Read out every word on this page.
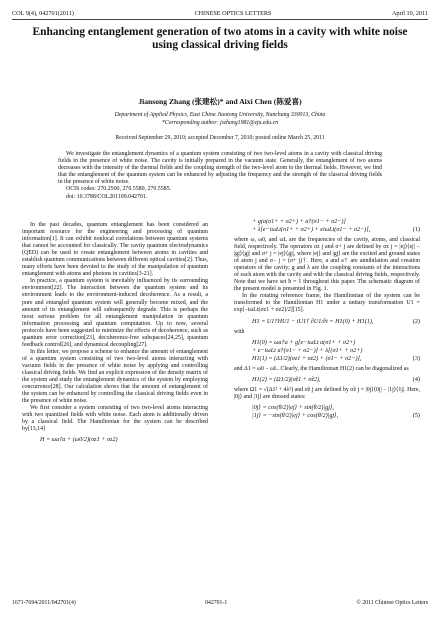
COL 9(4), 042701(2011)	CHINESE OPTICS LETTERS	April 10, 2011
Enhancing entanglement generation of two atoms in a cavity with white noise using classical driving fields
Jiansong Zhang (张建松)* and Aixi Chen (陈爱喜)
Department of Applied Physics, East China Jiaotong University, Nanchang 330013, China
*Corresponding author: jszhang1981@zju.edu.cn
Received September 29, 2010; accepted December 7, 2010; posted online March 25, 2011
We investigate the entanglement dynamics of a quantum system consisting of two two-level atoms in a cavity with classical driving fields in the presence of white noise. The cavity is initially prepared in the vacuum state. Generally, the entanglement of two atoms decreases with the intensity of the thermal fields and the coupling strength of the two-level atom to the thermal fields. However, we find that the entanglement of the quantum system can be enhanced by adjusting the frequency and the strength of the classical driving fields in the presence of white noise.
OCIS codes: 270.2500, 270.5580, 270.5585.
doi: 10.3788/COL201109.042701.

In the past decades, quantum entanglement has been considered an important resource for the engineering and processing of quantum information[1]. It can exhibit nonlocal correlations between quantum systems that cannot be accounted for classically. The cavity quantum electrodynamics (QED) can be used to create entanglement between atoms in cavities and establish quantum communications between different optical cavities[2]. Thus, many efforts have been devoted to the study of the manipulation of quantum entanglement with atoms and photons in cavities[3-21].

In practice, a quantum system is inevitably influenced by its surrounding environment[22]. The interaction between the quantum system and its environment leads to the environment-induced decoherence. As a result, a pure and entangled quantum system will generally become mixed, and the amount of its entanglement will subsequently degrade. This is perhaps the most serious problem for all entanglement manipulation in quantum information processing and quantum computation. Up to now, several protocols have been suggested to minimize the effects of decoherence, such as quantum error correction[23], decoherence-free subspaces[24,25], quantum feedback control[26], and dynamical decoupling[27].

In this letter, we propose a scheme to enhance the amount of entanglement of a quantum system consisting of two two-level atoms interacting with vacuum fields in the presence of white noise by applying and controlling classical driving fields. We find an explicit expression of the density matrix of the system and study the entanglement dynamics of the system by employing concurrence[28]. Our calculation shows that the amount of entanglement of the system can be enhanced by controlling the classical driving fields even in the presence of white noise.

We first consider a system consisting of two two-level atoms interacting with two quantized fields with white noise. Each atom is additionally driven by a classical field. The Hamiltonian for the system can be described by[13,14]

H = ωa†a + (ω0/2)(σz1 + σz2)
+ g(a(σ1+ + σ2+) + a†(σ1− + σ2−)]
+ λ[e−iωLt(σ1+ + σ2+) + eiωLt(σ1− + σ2−)],	(1)

where ω, ω0, and ωL are the frequencies of the cavity, atoms, and classical field, respectively. The operators σz j and σ+ j are defined by σz j = |ej⟩⟨ej| − |gj⟩⟨gj| and σ+ j = |ej⟩⟨gj|, where |ej⟩ and |gj⟩ are the excited and ground states of atom j and σ− j = (σ+ j)†. Here, a and a† are annihilation and creation operators of the cavity; g and λ are the coupling constants of the interactions of each atom with the cavity and with the classical driving fields, respectively. Note that we have set ħ = 1 throughout this paper. The schematic diagram of the present model is presented in Fig. 1.

In the rotating reference frame, the Hamiltonian of the system can be transformed to the Hamiltonian H1 under a unitary transformation U1 = exp[−iωLt(σz1 + σz2)/2][15].

H1 = U1†HU1 − iU1† ∂U1/∂t = H1(0) + H1(1),	(2)

with

H1(0) = ωa†a + g[e−iωLt a(σ1+ + σ2+)
+ e−iωLt a†(σ1− + σ2−)] + λ[(σ1+ + σ2+)
H1(1) = (Δ1/2)(σz1 + σz2) + (σ1− + σ2−)],	(3)

and Δ1 = ω0 − ωL. Clearly, the Hamiltonian H1(2) can be diagonalized as

H1(2) = (Ω1/2)(σ̃z1 + σ̃z2),	(4)

where Ω1 = √(Δ1² + 4λ²) and σ̃z j are defined by σ̃z j = |0j⟩⟨0j| − |1j⟩⟨1j|. Here, |0j⟩ and |1j⟩ are dressed states:

|0j⟩ = cos(θ/2)|ej⟩ + sin(θ/2)|gj⟩,
|1j⟩ = −sin(θ/2)|ej⟩ + cos(θ/2)|gj⟩,	(5)
1671-7694/2011/042701(4)	042701-1	© 2011 Chinese Optics Letters
